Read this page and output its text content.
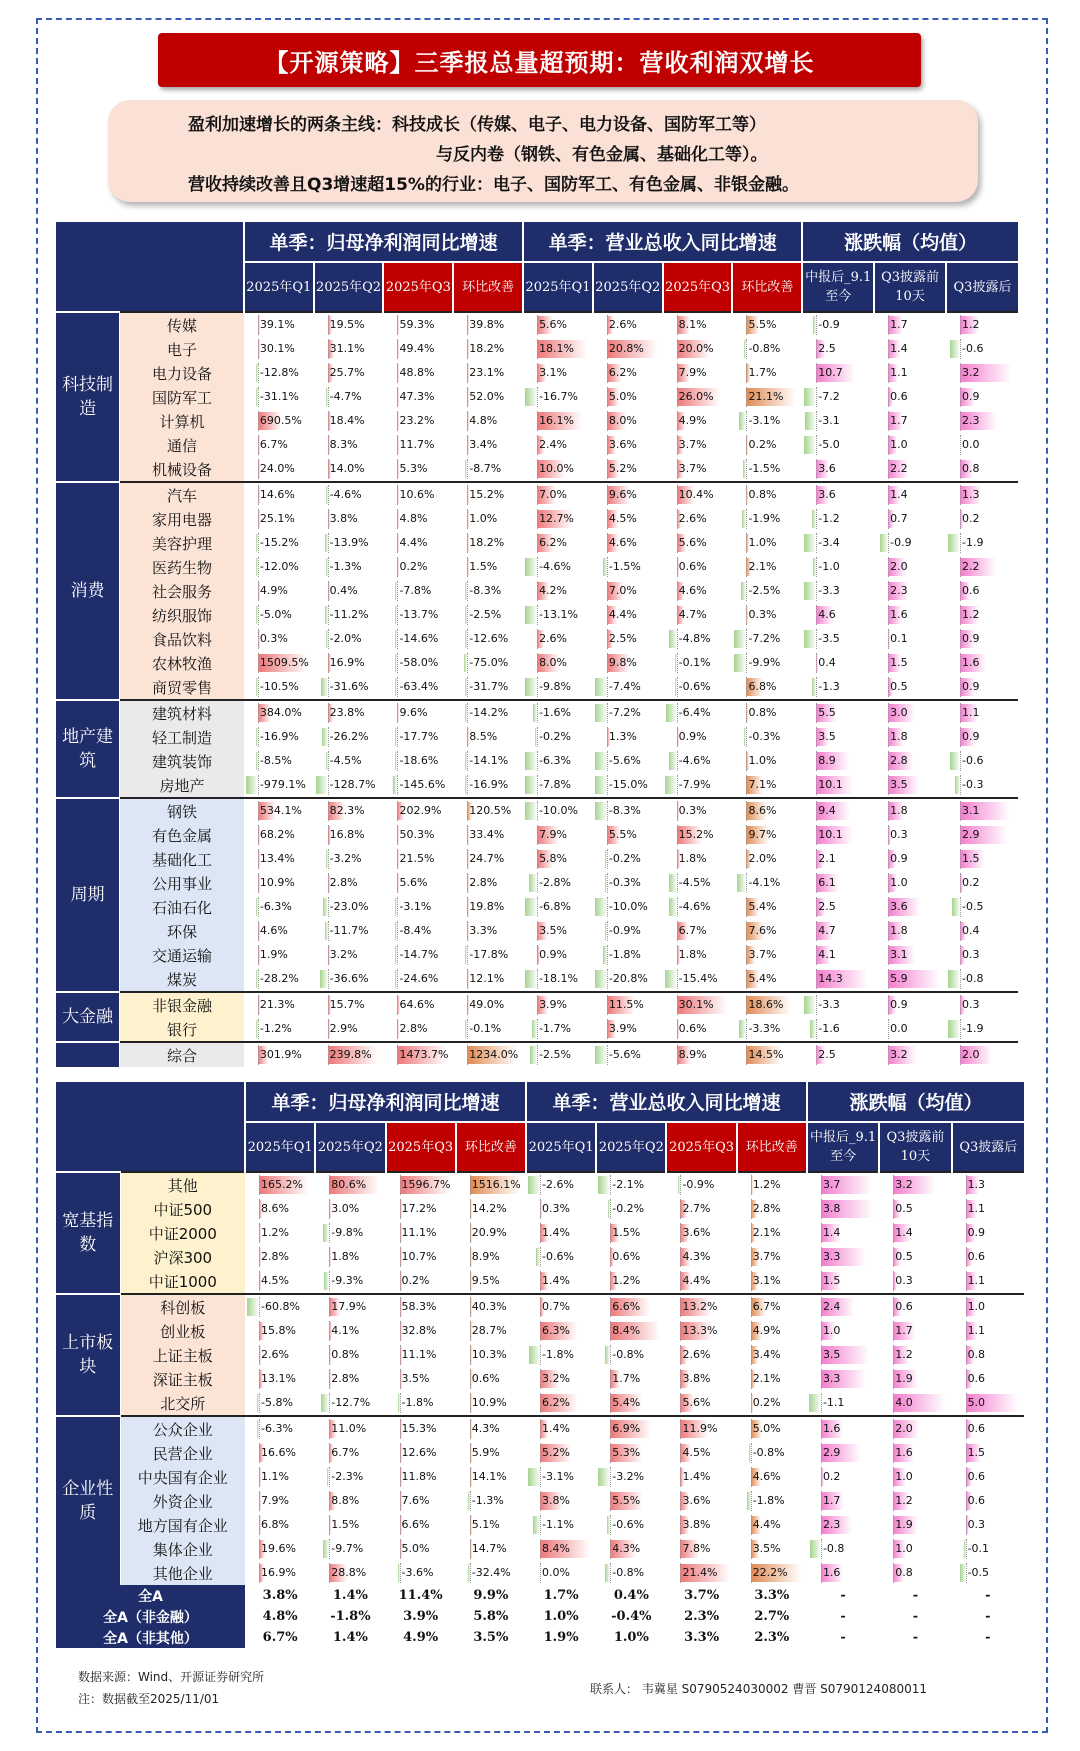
【开源策略】三季报总量超预期：营收利润双增长
盈利加速增长的两条主线：科技成长（传媒、电子、电力设备、国防军工等）
与反内卷（钢铁、有色金属、基础化工等）。
营收持续改善且Q3增速超15%的行业：电子、国防军工、有色金属、非银金融。
		单季：归母净利润同比增速				单季：营业总收入同比增速				涨跌幅（均值）		
		2025年Q1	2025年Q2	2025年Q3	环比改善	2025年Q1	2025年Q2	2025年Q3	环比改善	中报后_9.1至今	Q3披露前10天	Q3披露后
科技制造	传媒	39.1%	19.5%	59.3%	39.8%	5.6%	2.6%	8.1%	5.5%	-0.9	1.7	1.2

	电子	30.1%	31.1%	49.4%	18.2%	18.1%	20.8%	20.0%	-0.8%	2.5	1.4	-0.6

	电力设备	-12.8%	25.7%	48.8%	23.1%	3.1%	6.2%	7.9%	1.7%	10.7	1.1	3.2

	国防军工	-31.1%	-4.7%	47.3%	52.0%	-16.7%	5.0%	26.0%	21.1%	-7.2	0.6	0.9

	计算机	690.5%	18.4%	23.2%	4.8%	16.1%	8.0%	4.9%	-3.1%	-3.1	1.7	2.3

	通信	6.7%	8.3%	11.7%	3.4%	2.4%	3.6%	3.7%	0.2%	-5.0	1.0	0.0

	机械设备	24.0%	14.0%	5.3%	-8.7%	10.0%	5.2%	3.7%	-1.5%	3.6	2.2	0.8

消费	汽车	14.6%	-4.6%	10.6%	15.2%	7.0%	9.6%	10.4%	0.8%	3.6	1.4	1.3

	家用电器	25.1%	3.8%	4.8%	1.0%	12.7%	4.5%	2.6%	-1.9%	-1.2	0.7	0.2

	美容护理	-15.2%	-13.9%	4.4%	18.2%	6.2%	4.6%	5.6%	1.0%	-3.4	-0.9	-1.9

	医药生物	-12.0%	-1.3%	0.2%	1.5%	-4.6%	-1.5%	0.6%	2.1%	-1.0	2.0	2.2

	社会服务	4.9%	0.4%	-7.8%	-8.3%	4.2%	7.0%	4.6%	-2.5%	-3.3	2.3	0.6

	纺织服饰	-5.0%	-11.2%	-13.7%	-2.5%	-13.1%	4.4%	4.7%	0.3%	4.6	1.6	1.2

	食品饮料	0.3%	-2.0%	-14.6%	-12.6%	2.6%	2.5%	-4.8%	-7.2%	-3.5	0.1	0.9

	农林牧渔	1509.5%	16.9%	-58.0%	-75.0%	8.0%	9.8%	-0.1%	-9.9%	0.4	1.5	1.6

	商贸零售	-10.5%	-31.6%	-63.4%	-31.7%	-9.8%	-7.4%	-0.6%	6.8%	-1.3	0.5	0.9

地产建筑	建筑材料	384.0%	23.8%	9.6%	-14.2%	-1.6%	-7.2%	-6.4%	0.8%	5.5	3.0	1.1

	轻工制造	-16.9%	-26.2%	-17.7%	8.5%	-0.2%	1.3%	0.9%	-0.3%	3.5	1.8	0.9

	建筑装饰	-8.5%	-4.5%	-18.6%	-14.1%	-6.3%	-5.6%	-4.6%	1.0%	8.9	2.8	-0.6

	房地产	-979.1%	-128.7%	-145.6%	-16.9%	-7.8%	-15.0%	-7.9%	7.1%	10.1	3.5	-0.3

周期	钢铁	534.1%	82.3%	202.9%	120.5%	-10.0%	-8.3%	0.3%	8.6%	9.4	1.8	3.1

	有色金属	68.2%	16.8%	50.3%	33.4%	7.9%	5.5%	15.2%	9.7%	10.1	0.3	2.9

	基础化工	13.4%	-3.2%	21.5%	24.7%	5.8%	-0.2%	1.8%	2.0%	2.1	0.9	1.5

	公用事业	10.9%	2.8%	5.6%	2.8%	-2.8%	-0.3%	-4.5%	-4.1%	6.1	1.0	0.2

	石油石化	-6.3%	-23.0%	-3.1%	19.8%	-6.8%	-10.0%	-4.6%	5.4%	2.5	3.6	-0.5

	环保	4.6%	-11.7%	-8.4%	3.3%	3.5%	-0.9%	6.7%	7.6%	4.7	1.8	0.4

	交通运输	1.9%	3.2%	-14.7%	-17.8%	0.9%	-1.8%	1.8%	3.7%	4.1	3.1	0.3

	煤炭	-28.2%	-36.6%	-24.6%	12.1%	-18.1%	-20.8%	-15.4%	5.4%	14.3	5.9	-0.8

大金融	非银金融	21.3%	15.7%	64.6%	49.0%	3.9%	11.5%	30.1%	18.6%	-3.3	0.9	0.3

	银行	-1.2%	2.9%	2.8%	-0.1%	-1.7%	3.9%	0.6%	-3.3%	-1.6	0.0	-1.9

	综合	301.9%	239.8%	1473.7%	1234.0%	-2.5%	-5.6%	8.9%	14.5%	2.5	3.2	2.0
		单季：归母净利润同比增速				单季：营业总收入同比增速				涨跌幅（均值）		
		2025年Q1	2025年Q2	2025年Q3	环比改善	2025年Q1	2025年Q2	2025年Q3	环比改善	中报后_9.1至今	Q3披露前10天	Q3披露后
宽基指数	其他	165.2%	80.6%	1596.7%	1516.1%	-2.6%	-2.1%	-0.9%	1.2%	3.7	3.2	1.3

	中证500	8.6%	3.0%	17.2%	14.2%	0.3%	-0.2%	2.7%	2.8%	3.8	0.5	1.1

	中证2000	1.2%	-9.8%	11.1%	20.9%	1.4%	1.5%	3.6%	2.1%	1.4	1.4	0.9

	沪深300	2.8%	1.8%	10.7%	8.9%	-0.6%	0.6%	4.3%	3.7%	3.3	0.5	0.6

	中证1000	4.5%	-9.3%	0.2%	9.5%	1.4%	1.2%	4.4%	3.1%	1.5	0.3	1.1

上市板块	科创板	-60.8%	17.9%	58.3%	40.3%	0.7%	6.6%	13.2%	6.7%	2.4	0.6	1.0

	创业板	15.8%	4.1%	32.8%	28.7%	6.3%	8.4%	13.3%	4.9%	1.0	1.7	1.1

	上证主板	2.6%	0.8%	11.1%	10.3%	-1.8%	-0.8%	2.6%	3.4%	3.5	1.2	0.8

	深证主板	13.1%	2.8%	3.5%	0.6%	3.2%	1.7%	3.8%	2.1%	3.3	1.9	0.6

	北交所	-5.8%	-12.7%	-1.8%	10.9%	6.2%	5.4%	5.6%	0.2%	-1.1	4.0	5.0

企业性质	公众企业	-6.3%	11.0%	15.3%	4.3%	1.4%	6.9%	11.9%	5.0%	1.6	2.0	0.6

	民营企业	16.6%	6.7%	12.6%	5.9%	5.2%	5.3%	4.5%	-0.8%	2.9	1.6	1.5

	中央国有企业	1.1%	-2.3%	11.8%	14.1%	-3.1%	-3.2%	1.4%	4.6%	0.2	1.0	0.6

	外资企业	7.9%	8.8%	7.6%	-1.3%	3.8%	5.5%	3.6%	-1.8%	1.7	1.2	0.6

	地方国有企业	6.8%	1.5%	6.6%	5.1%	-1.1%	-0.6%	3.8%	4.4%	2.3	1.9	0.3

	集体企业	19.6%	-9.7%	5.0%	14.7%	8.4%	4.3%	7.8%	3.5%	-0.8	1.0	-0.1

	其他企业	16.9%	28.8%	-3.6%	-32.4%	0.0%	-0.8%	21.4%	22.2%	1.6	0.8	-0.5

全A		3.8%	1.4%	11.4%	9.9%	1.7%	0.4%	3.7%	3.3%	-	-	-
全A（非金融）		4.8%	-1.8%	3.9%	5.8%	1.0%	-0.4%	2.3%	2.7%	-	-	-
全A（非其他）		6.7%	1.4%	4.9%	3.5%	1.9%	1.0%	3.3%	2.3%	-	-	-
数据来源：Wind、开源证券研究所
注：数据截至2025/11/01
联系人： 韦冀星 S0790524030002 曹晋 S0790124080011
